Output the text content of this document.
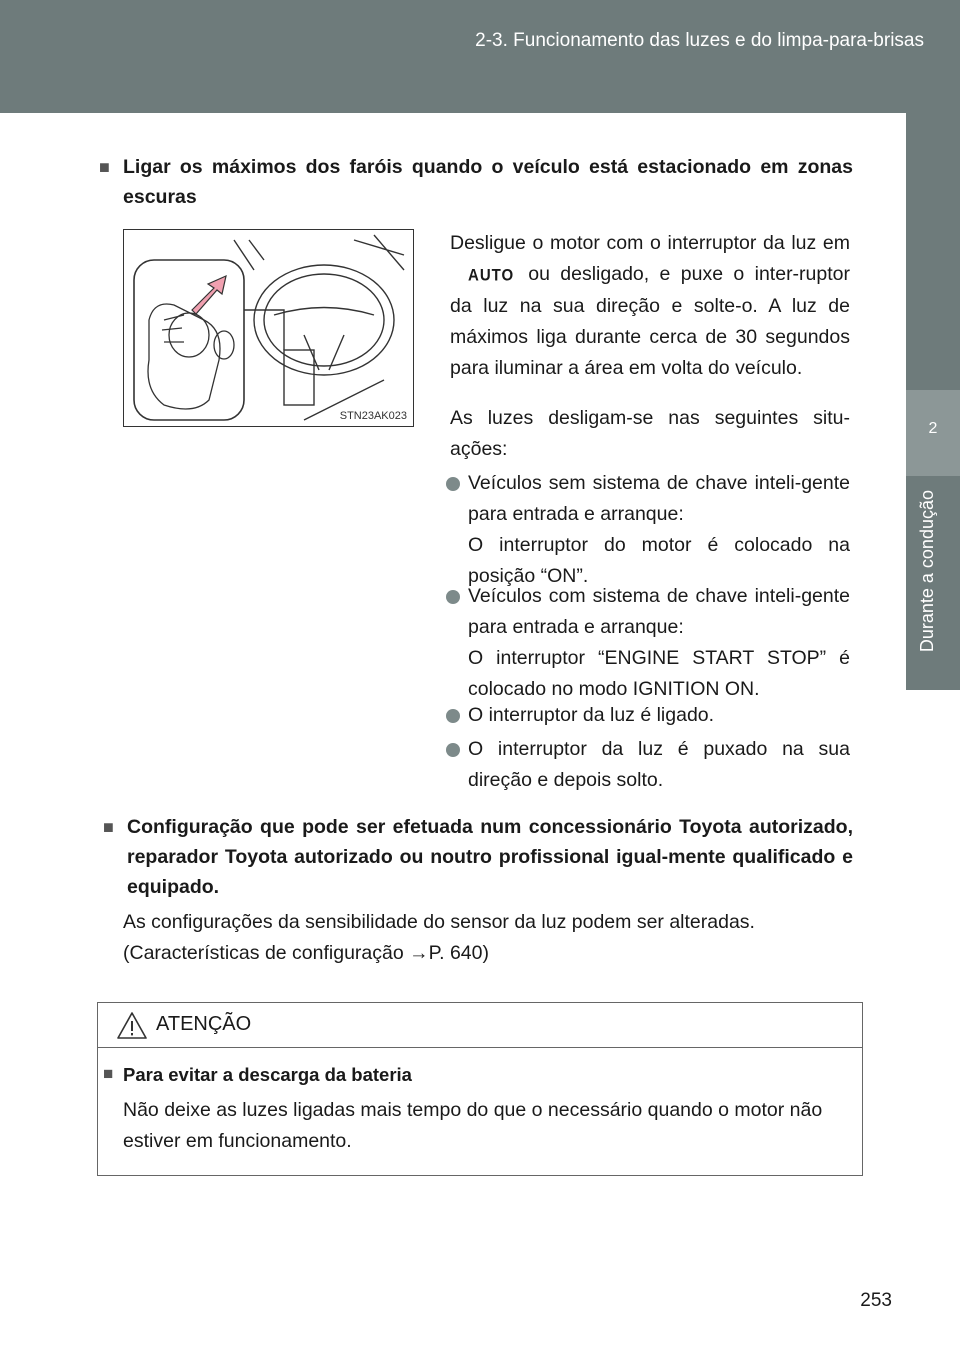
2-3. Funcionamento das luzes e do limpa-para-brisas
2
Durante a condução
■ Ligar os máximos dos faróis quando o veículo está estacionado em zonas escuras
STN23AK023
Desligue o motor com o interruptor da luz emAUTO ou desligado, e puxe o inter-ruptor da luz na sua direção e solte-o. A luz de máximos liga durante cerca de 30 segundos para iluminar a área em volta do veículo.
As luzes desligam-se nas seguintes situ-ações:
Veículos sem sistema de chave inteli-gente para entrada e arranque:
O interruptor do motor é colocado na posição “ON”.
Veículos com sistema de chave inteli-gente para entrada e arranque:
O interruptor “ENGINE START STOP” é colocado no modo IGNITION ON.
O interruptor da luz é ligado.
O interruptor da luz é puxado na sua direção e depois solto.
■ Configuração que pode ser efetuada num concessionário Toyota autorizado, reparador Toyota autorizado ou noutro profissional igual-mente qualificado e equipado.
As configurações da sensibilidade do sensor da luz podem ser alteradas.
(Características de configuração →P. 640)
ATENÇÃO
■ Para evitar a descarga da bateria
Não deixe as luzes ligadas mais tempo do que o necessário quando o motor não estiver em funcionamento.
253
